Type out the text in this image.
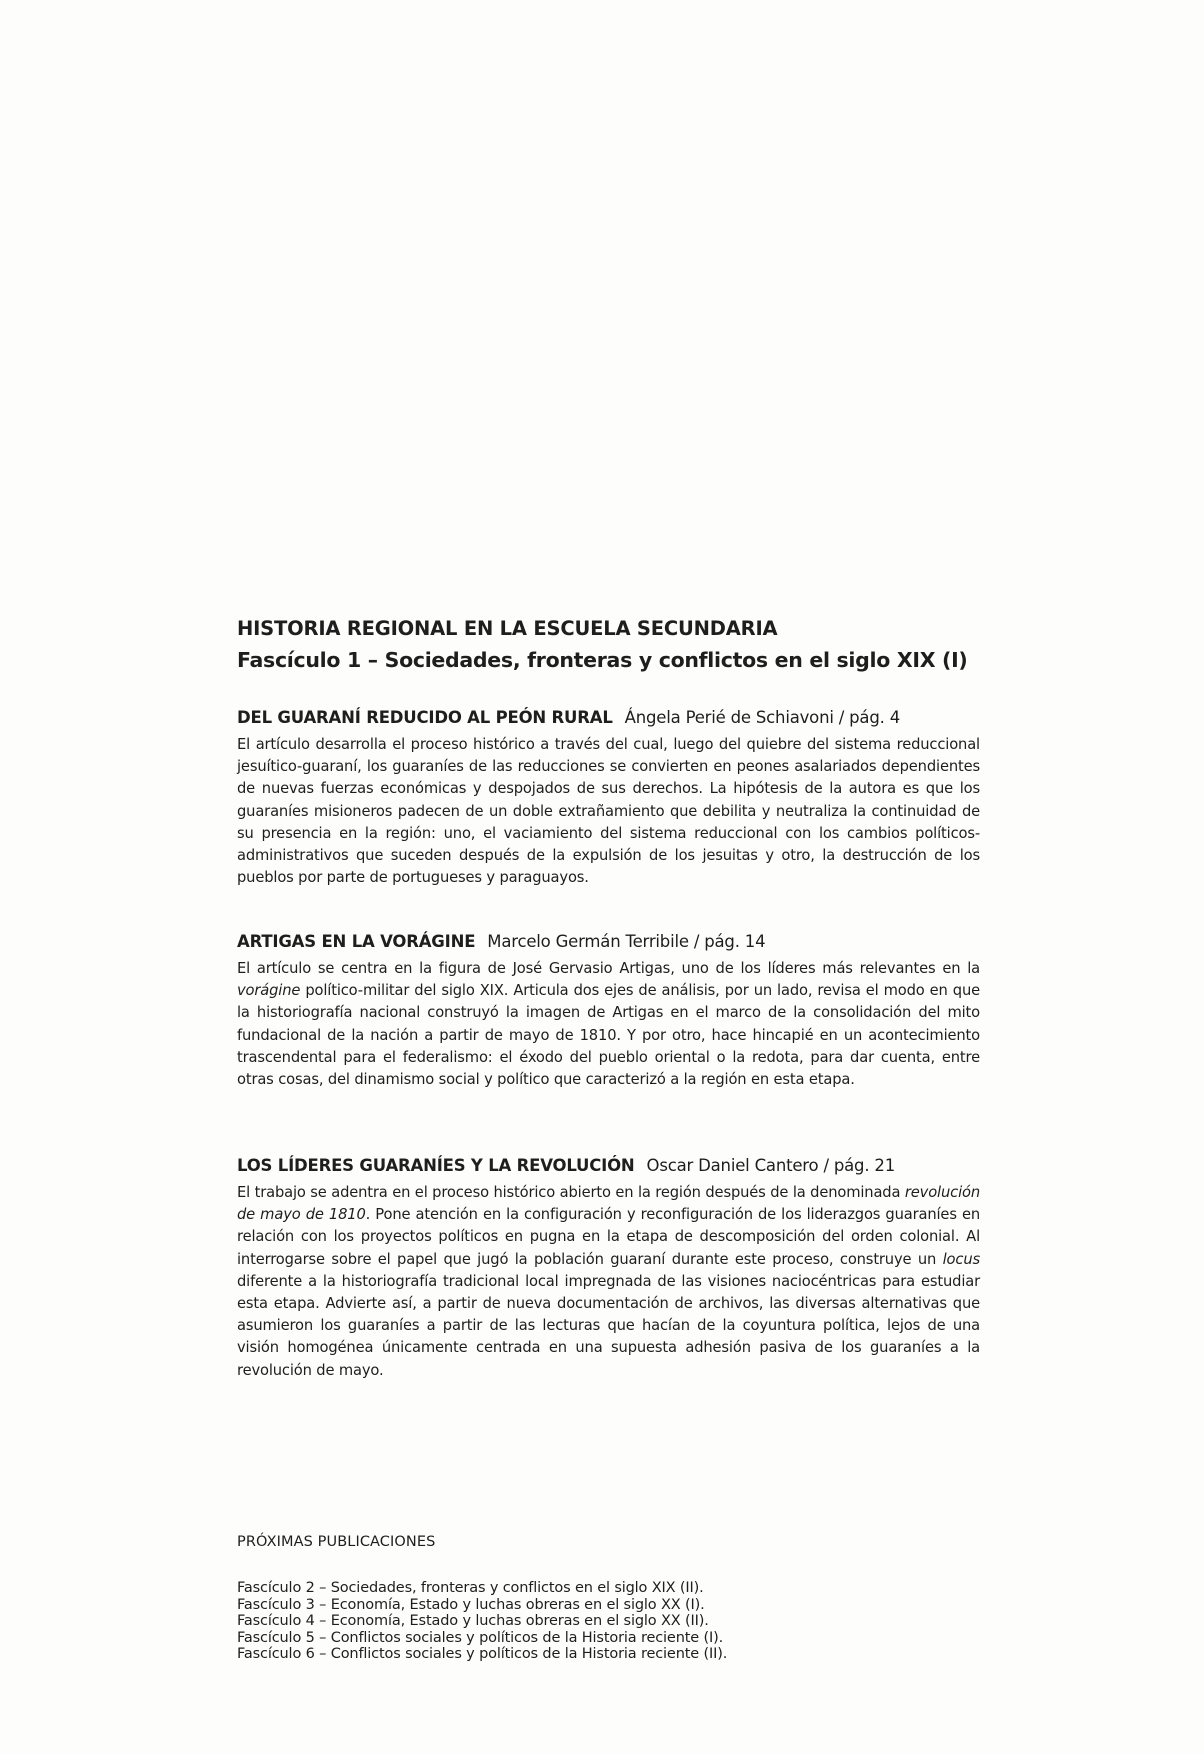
HISTORIA REGIONAL EN LA ESCUELA SECUNDARIA
Fascículo 1 – Sociedades, fronteras y conflictos en el siglo XIX (I)

DEL GUARANÍ REDUCIDO AL PEÓN RURAL Ángela Perié de Schiavoni / pág. 4

El artículo desarrolla el proceso histórico a través del cual, luego del quiebre del sistema reduccional jesuítico-guaraní, los guaraníes de las reducciones se convierten en peones asalariados dependientes de nuevas fuerzas económicas y despojados de sus derechos. La hipótesis de la autora es que los guaraníes misioneros padecen de un doble extrañamiento que debilita y neutraliza la continuidad de su presencia en la región: uno, el vaciamiento del sistema reduccional con los cambios políticos-administrativos que suceden después de la expulsión de los jesuitas y otro, la destrucción de los pueblos por parte de portugueses y paraguayos.

ARTIGAS EN LA VORÁGINE Marcelo Germán Terribile / pág. 14

El artículo se centra en la figura de José Gervasio Artigas, uno de los líderes más relevantes en la vorágine político-militar del siglo XIX. Articula dos ejes de análisis, por un lado, revisa el modo en que la historiografía nacional construyó la imagen de Artigas en el marco de la consolidación del mito fundacional de la nación a partir de mayo de 1810. Y por otro, hace hincapié en un acontecimiento trascendental para el federalismo: el éxodo del pueblo oriental o la redota, para dar cuenta, entre otras cosas, del dinamismo social y político que caracterizó a la región en esta etapa.

LOS LÍDERES GUARANÍES Y LA REVOLUCIÓN Oscar Daniel Cantero / pág. 21

El trabajo se adentra en el proceso histórico abierto en la región después de la denominada revolución de mayo de 1810. Pone atención en la configuración y reconfiguración de los liderazgos guaraníes en relación con los proyectos políticos en pugna en la etapa de descomposición del orden colonial. Al interrogarse sobre el papel que jugó la población guaraní durante este proceso, construye un locus diferente a la historiografía tradicional local impregnada de las visiones naciocéntricas para estudiar esta etapa. Advierte así, a partir de nueva documentación de archivos, las diversas alternativas que asumieron los guaraníes a partir de las lecturas que hacían de la coyuntura política, lejos de una visión homogénea únicamente centrada en una supuesta adhesión pasiva de los guaraníes a la revolución de mayo.

PRÓXIMAS PUBLICACIONES

Fascículo 2 – Sociedades, fronteras y conflictos en el siglo XIX (II).
Fascículo 3 – Economía, Estado y luchas obreras en el siglo XX (I).
Fascículo 4 – Economía, Estado y luchas obreras en el siglo XX (II).
Fascículo 5 – Conflictos sociales y políticos de la Historia reciente (I).
Fascículo 6 – Conflictos sociales y políticos de la Historia reciente (II).
